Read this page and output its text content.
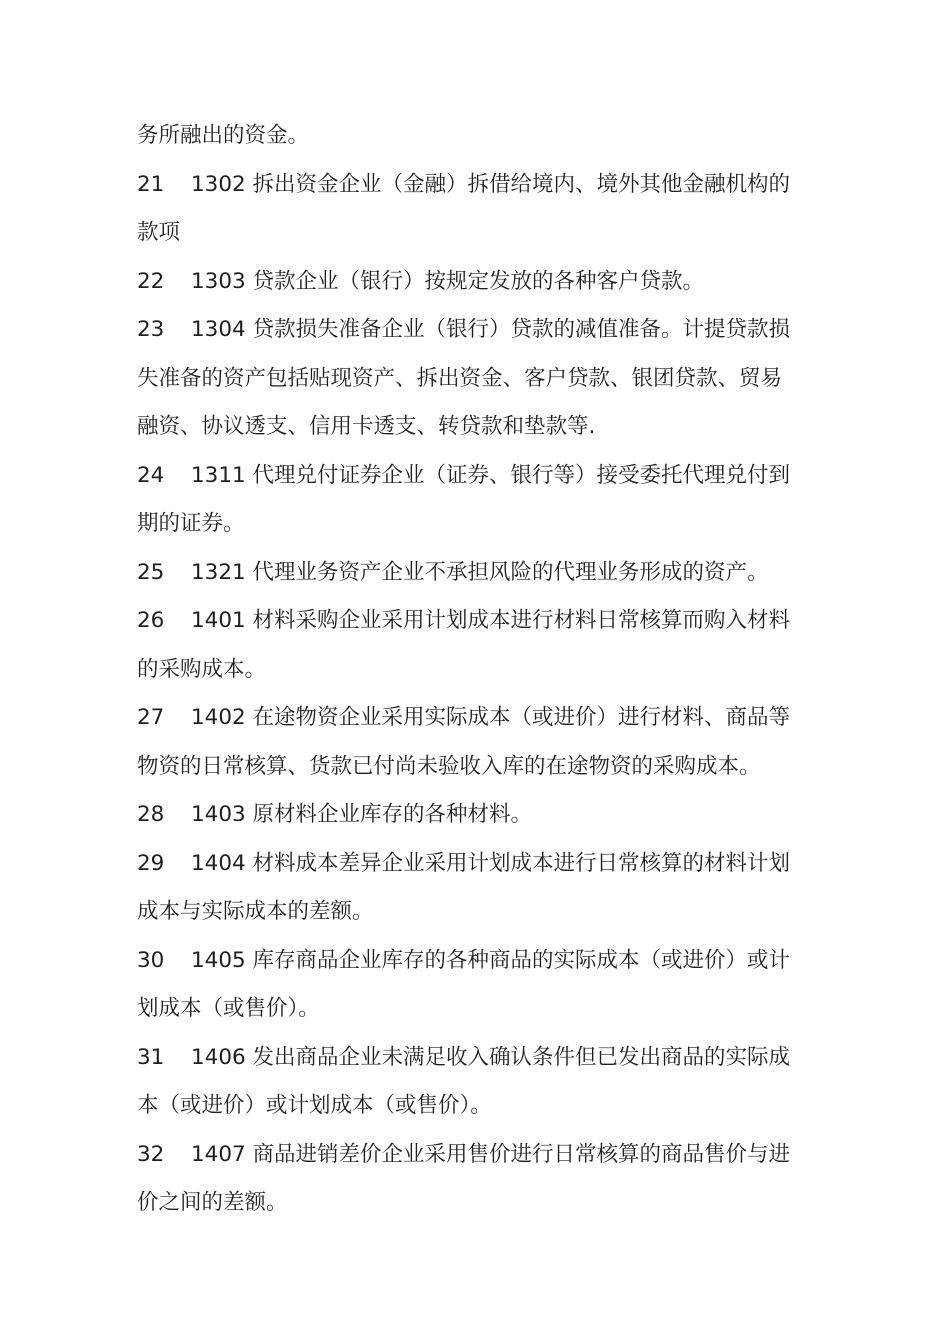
务所融出的资金。
21 1302 拆出资金企业（金融）拆借给境内、境外其他金融机构的
款项
22 1303 贷款企业（银行）按规定发放的各种客户贷款。
23 1304 贷款损失准备企业（银行）贷款的减值准备。计提贷款损
失准备的资产包括贴现资产、拆出资金、客户贷款、银团贷款、贸易
融资、协议透支、信用卡透支、转贷款和垫款等.
24 1311 代理兑付证券企业（证券、银行等）接受委托代理兑付到
期的证券。
25 1321 代理业务资产企业不承担风险的代理业务形成的资产。
26 1401 材料采购企业采用计划成本进行材料日常核算而购入材料
的采购成本。
27 1402 在途物资企业采用实际成本（或进价）进行材料、商品等
物资的日常核算、货款已付尚未验收入库的在途物资的采购成本。
28 1403 原材料企业库存的各种材料。
29 1404 材料成本差异企业采用计划成本进行日常核算的材料计划
成本与实际成本的差额。
30 1405 库存商品企业库存的各种商品的实际成本（或进价）或计
划成本（或售价）。
31 1406 发出商品企业未满足收入确认条件但已发出商品的实际成
本（或进价）或计划成本（或售价）。
32 1407 商品进销差价企业采用售价进行日常核算的商品售价与进
价之间的差额。
